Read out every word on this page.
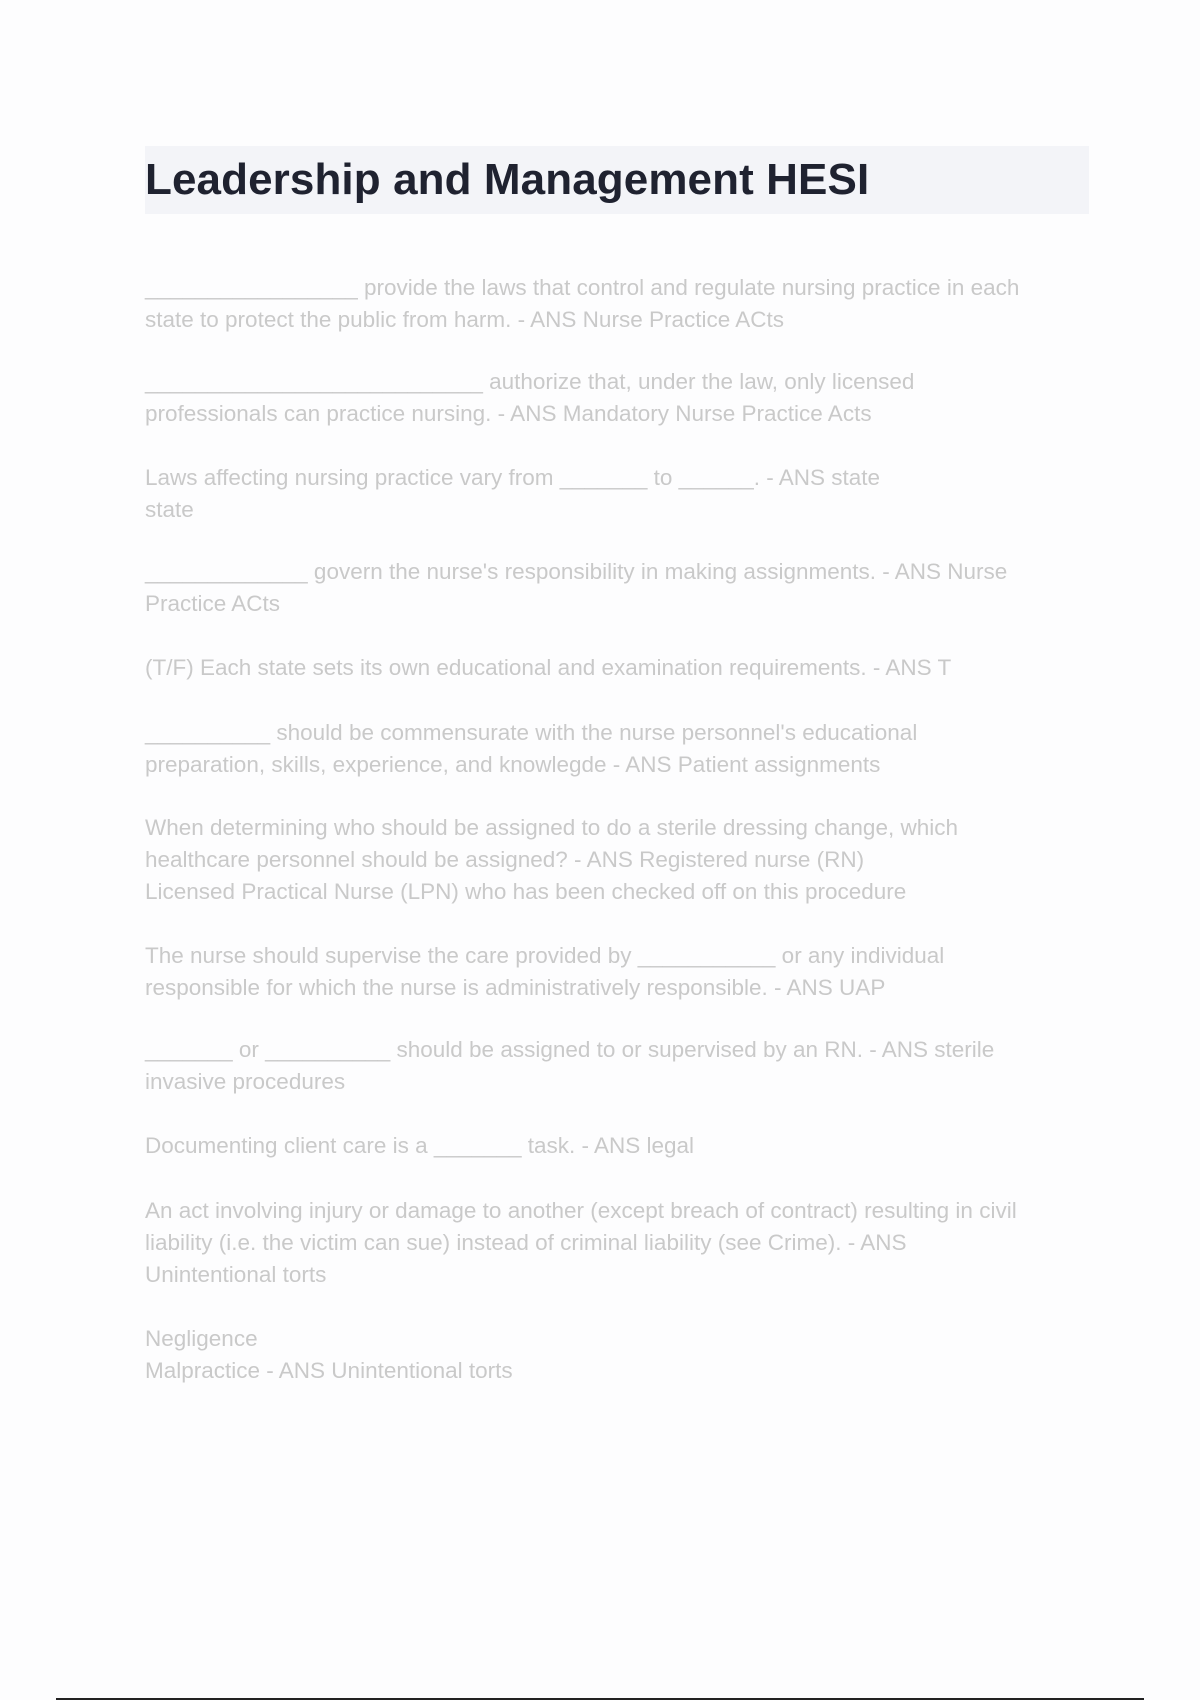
Leadership and Management HESI
_________________ provide the laws that control and regulate nursing practice in each
state to protect the public from harm. - ANS Nurse Practice ACts
___________________________ authorize that, under the law, only licensed
professionals can practice nursing. - ANS Mandatory Nurse Practice Acts
Laws affecting nursing practice vary from _______ to ______. - ANS state
state
_____________ govern the nurse's responsibility in making assignments. - ANS Nurse
Practice ACts
(T/F) Each state sets its own educational and examination requirements. - ANS T
__________ should be commensurate with the nurse personnel's educational
preparation, skills, experience, and knowlegde - ANS Patient assignments
When determining who should be assigned to do a sterile dressing change, which
healthcare personnel should be assigned? - ANS Registered nurse (RN)
Licensed Practical Nurse (LPN) who has been checked off on this procedure
The nurse should supervise the care provided by ___________ or any individual
responsible for which the nurse is administratively responsible. - ANS UAP
_______ or __________ should be assigned to or supervised by an RN. - ANS sterile
invasive procedures
Documenting client care is a _______ task. - ANS legal
An act involving injury or damage to another (except breach of contract) resulting in civil
liability (i.e. the victim can sue) instead of criminal liability (see Crime). - ANS
Unintentional torts
Negligence
Malpractice - ANS Unintentional torts
